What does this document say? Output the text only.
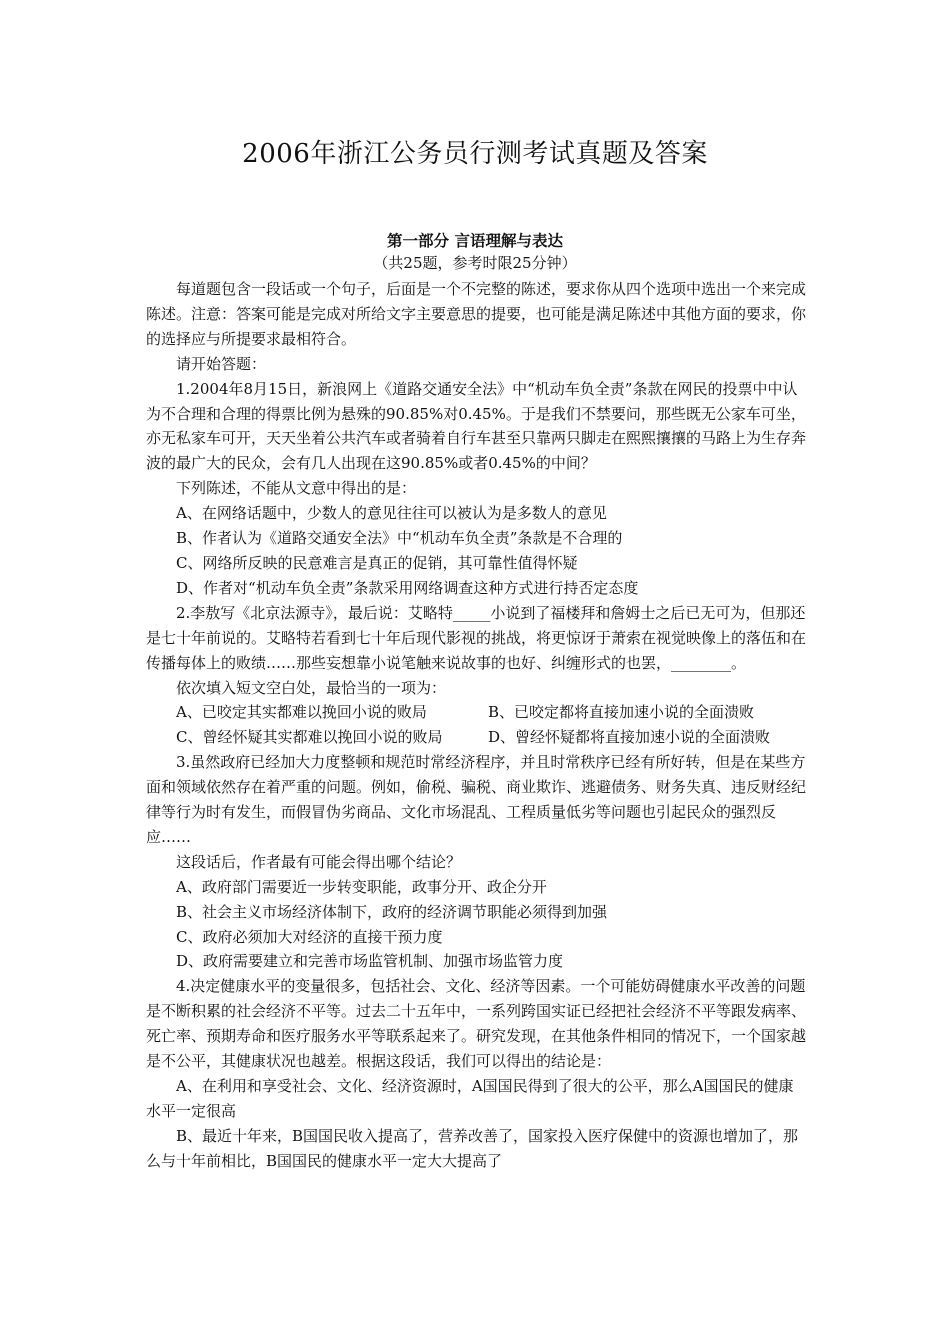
2006年浙江公务员行测考试真题及答案
第一部分 言语理解与表达
（共25题，参考时限25分钟）

每道题包含一段话或一个句子，后面是一个不完整的陈述，要求你从四个选项中选出一个来完成陈述。注意：答案可能是完成对所给文字主要意思的提要，也可能是满足陈述中其他方面的要求，你的选择应与所提要求最相符合。

请开始答题：

1.2004年8月15日，新浪网上《道路交通安全法》中“机动车负全责”条款在网民的投票中中认为不合理和合理的得票比例为悬殊的90.85%对0.45%。于是我们不禁要问，那些既无公家车可坐，亦无私家车可开，天天坐着公共汽车或者骑着自行车甚至只靠两只脚走在熙熙攘攘的马路上为生存奔波的最广大的民众，会有几人出现在这90.85%或者0.45%的中间？

下列陈述，不能从文意中得出的是：

A、在网络话题中，少数人的意见往往可以被认为是多数人的意见

B、作者认为《道路交通安全法》中“机动车负全责”条款是不合理的

C、网络所反映的民意难言是真正的促销，其可靠性值得怀疑

D、作者对“机动车负全责”条款采用网络调查这种方式进行持否定态度

2.李敖写《北京法源寺》，最后说：艾略特_____小说到了福楼拜和詹姆士之后已无可为，但那还是七十年前说的。艾略特若看到七十年后现代影视的挑战，将更惊讶于萧索在视觉映像上的落伍和在传播每体上的败绩……那些妄想靠小说笔触来说故事的也好、纠缠形式的也罢，________。

依次填入短文空白处，最恰当的一项为：

A、已咬定其实都难以挽回小说的败局	B、已咬定都将直接加速小说的全面溃败
C、曾经怀疑其实都难以挽回小说的败局	D、曾经怀疑都将直接加速小说的全面溃败

3.虽然政府已经加大力度整顿和规范时常经济程序，并且时常秩序已经有所好转，但是在某些方面和领域依然存在着严重的问题。例如，偷税、骗税、商业欺诈、逃避债务、财务失真、违反财经纪律等行为时有发生，而假冒伪劣商品、文化市场混乱、工程质量低劣等问题也引起民众的强烈反应……

这段话后，作者最有可能会得出哪个结论？

A、政府部门需要近一步转变职能，政事分开、政企分开

B、社会主义市场经济体制下，政府的经济调节职能必须得到加强

C、政府必须加大对经济的直接干预力度

D、政府需要建立和完善市场监管机制、加强市场监管力度

4.决定健康水平的变量很多，包括社会、文化、经济等因素。一个可能妨碍健康水平改善的问题是不断积累的社会经济不平等。过去二十五年中，一系列跨国实证已经把社会经济不平等跟发病率、死亡率、预期寿命和医疗服务水平等联系起来了。研究发现，在其他条件相同的情况下，一个国家越是不公平，其健康状况也越差。根据这段话，我们可以得出的结论是：

A、在利用和享受社会、文化、经济资源时，A国国民得到了很大的公平，那么A国国民的健康水平一定很高

B、最近十年来，B国国民收入提高了，营养改善了，国家投入医疗保健中的资源也增加了，那么与十年前相比，B国国民的健康水平一定大大提高了
